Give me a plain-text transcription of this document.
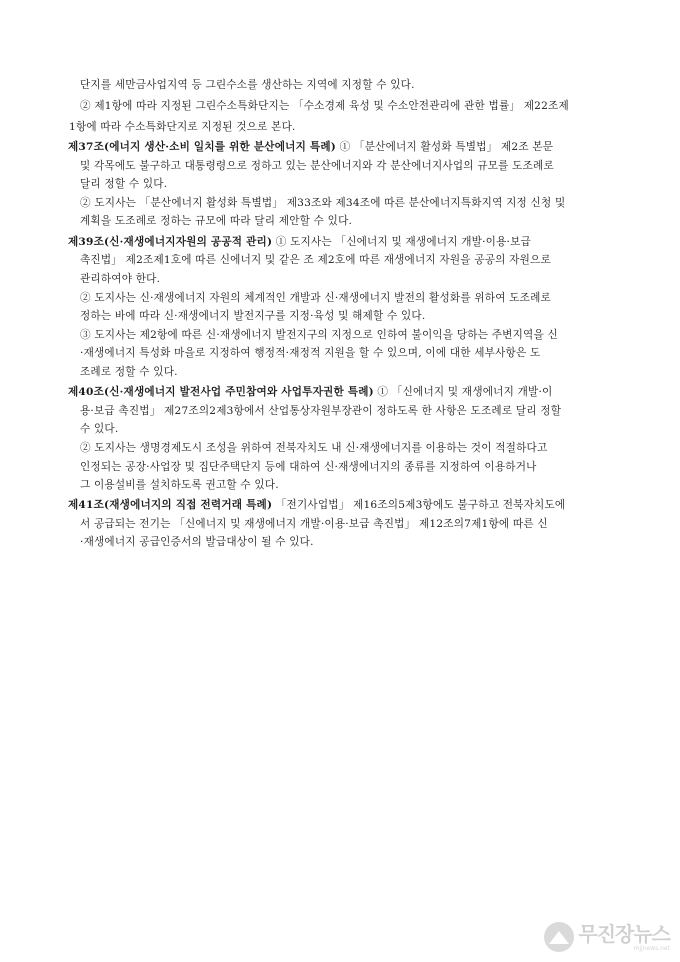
단지를 세만금사업지역 등 그린수소를 생산하는 지역에 지정할 수 있다.
② 제1항에 따라 지정된 그린수소특화단지는 「수소경제 육성 및 수소안전관리에 관한 법률」 제22조제
1항에 따라 수소특화단지로 지정된 것으로 본다.
제37조(에너지 생산·소비 일치를 위한 분산에너지 특례) ① 「분산에너지 활성화 특별법」 제2조 본문
및 각목에도 불구하고 대통령령으로 정하고 있는 분산에너지와 각 분산에너지사업의 규모를 도조례로
달리 정할 수 있다.
② 도지사는 「분산에너지 활성화 특별법」 제33조와 제34조에 따른 분산에너지특화지역 지정 신청 및
계획을 도조례로 정하는 규모에 따라 달리 제안할 수 있다.
제39조(신·재생에너지자원의 공공적 관리) ① 도지사는 「신에너지 및 재생에너지 개발·이용·보급
촉진법」 제2조제1호에 따른 신에너지 및 같은 조 제2호에 따른 재생에너지 자원을 공공의 자원으로
관리하여야 한다.
② 도지사는 신·재생에너지 자원의 체계적인 개발과 신·재생에너지 발전의 활성화를 위하여 도조례로
정하는 바에 따라 신·재생에너지 발전지구를 지정·육성 및 해제할 수 있다.
③ 도지사는 제2항에 따른 신·재생에너지 발전지구의 지정으로 인하여 불이익을 당하는 주변지역을 신
·재생에너지 특성화 마을로 지정하여 행정적·재정적 지원을 할 수 있으며, 이에 대한 세부사항은 도
조례로 정할 수 있다.
제40조(신·재생에너지 발전사업 주민참여와 사업투자권한 특례) ① 「신에너지 및 재생에너지 개발·이
용·보급 촉진법」 제27조의2제3항에서 산업통상자원부장관이 정하도록 한 사항은 도조례로 달리 정할
수 있다.
② 도지사는 생명경제도시 조성을 위하여 전북자치도 내 신·재생에너지를 이용하는 것이 적절하다고
인정되는 공장·사업장 및 집단주택단지 등에 대하여 신·재생에너지의 종류를 지정하여 이용하거나
그 이용설비를 설치하도록 권고할 수 있다.
제41조(재생에너지의 직접 전력거래 특례) 「전기사업법」 제16조의5제3항에도 불구하고 전북자치도에
서 공급되는 전기는 「신에너지 및 재생에너지 개발·이용·보급 촉진법」 제12조의7제1항에 따른 신
·재생에너지 공급인증서의 발급대상이 될 수 있다.
무진장뉴스
mjjnews.net
